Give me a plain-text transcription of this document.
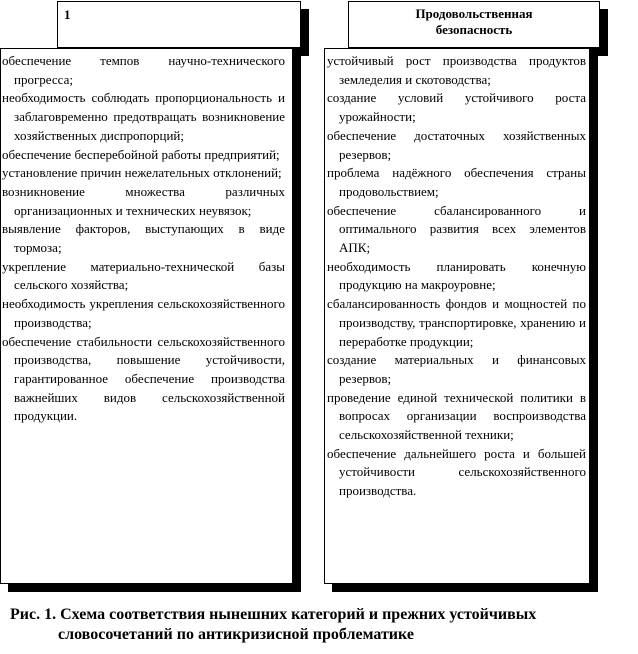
1	Продовольственная безопасность
обеспечение темпов научно-технического прогресса;
необходимость соблюдать пропорциональность и заблаговременно предотвращать возникновение хозяйственных диспропорций;
обеспечение бесперебойной работы предприятий;
установление причин нежелательных отклонений;
возникновение множества различных организационных и технических неувязок;
выявление факторов, выступающих в виде тормоза;
укрепление материально-технической базы сельского хозяйства;
необходимость укрепления сельскохозяйственного производства;
обеспечение стабильности сельскохозяйственного производства, повышение устойчивости, гарантированное обеспечение производства важнейших видов сельскохозяйственной продукции.
устойчивый рост производства продуктов земледелия и скотоводства;
создание условий устойчивого роста урожайности;
обеспечение достаточных хозяйственных резервов;
проблема надёжного обеспечения страны продовольствием;
обеспечение сбалансированного и оптимального развития всех элементов АПК;
необходимость планировать конечную продукцию на макроуровне;
сбалансированность фондов и мощностей по производству, транспортировке, хранению и переработке продукции;
создание материальных и финансовых резервов;
проведение единой технической политики в вопросах организации воспроизводства сельскохозяйственной техники;
обеспечение дальнейшего роста и большей устойчивости сельскохозяйственного производства.
Рис. 1. Схема соответствия нынешних категорий и прежних устойчивых
словосочетаний по антикризисной проблематике
